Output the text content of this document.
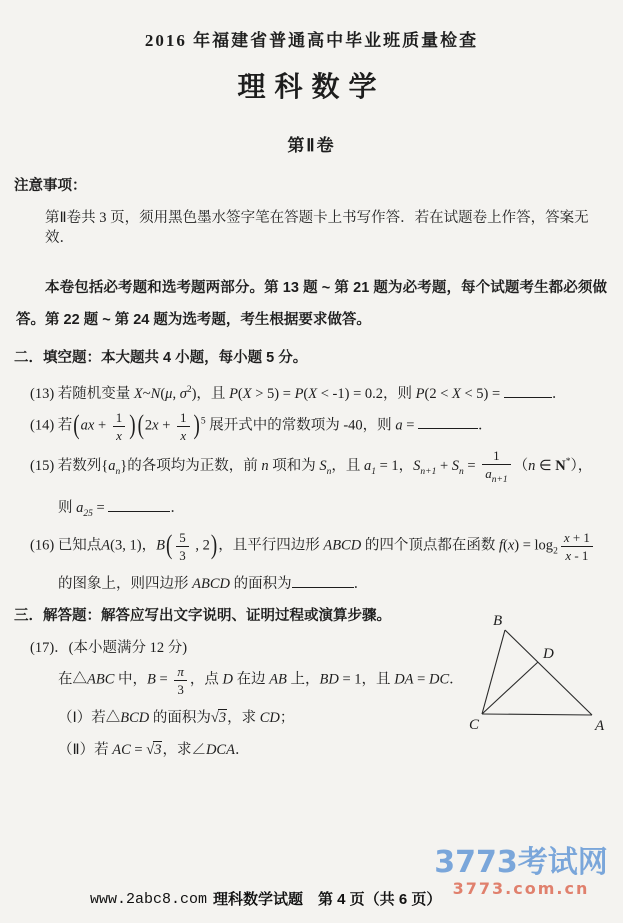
2016 年福建省普通高中毕业班质量检查
理科数学
第Ⅱ卷
注意事项：
第Ⅱ卷共 3 页，须用黑色墨水签字笔在答题卡上书写作答．若在试题卷上作答，答案无效．
本卷包括必考题和选考题两部分。第 13 题 ~ 第 21 题为必考题，每个试题考生都必须做答。第 22 题 ~ 第 24 题为选考题，考生根据要求做答。
二．填空题：本大题共 4 小题，每小题 5 分。
(13) 若随机变量 X~N(μ, $\sigma^2$)，且 P(X > 5) = P(X < -1) = 0.2，则 P(2 < X < 5) =	．
(14) 若($ax + \frac{1}{x}$ ) $(2x + \frac{1}{x} )^5$ 展开式中的常数项为 -40，则 a =	．
(15) 若数列$\{a_n\}$的各项均为正数，前 n 项和为 $S_n$，且 $a_1 = 1$，$S_{n+1} + S_n = \frac{1}{a_{n+1}} (n$ ∈ N*），
则 $a_{25}$ =	．
(16) 已知点A(3, 1)，$B( \frac{5}{3}$ , 2)，且平行四边形 ABCD 的四个顶点都在函数 $f(x) = \log_2 \frac{x + 1}{x - 1}$
的图象上，则四边形 ABCD 的面积为	．
三．解答题：解答应写出文字说明、证明过程或演算步骤。
(17)．(本小题满分 12 分)
在△ABC 中，$B = \frac{\pi}{3}$ ，点 D 在边 AB 上，BD = 1，且 DA = DC．
（Ⅰ）若△BCD 的面积为√3，求 CD；
（Ⅱ）若 AC = √3，求∠DCA．
B
D
C	A
www.2abc8.com 理科数学试题　第 4 页（共 6 页）
3773考试网
3773.com.cn
